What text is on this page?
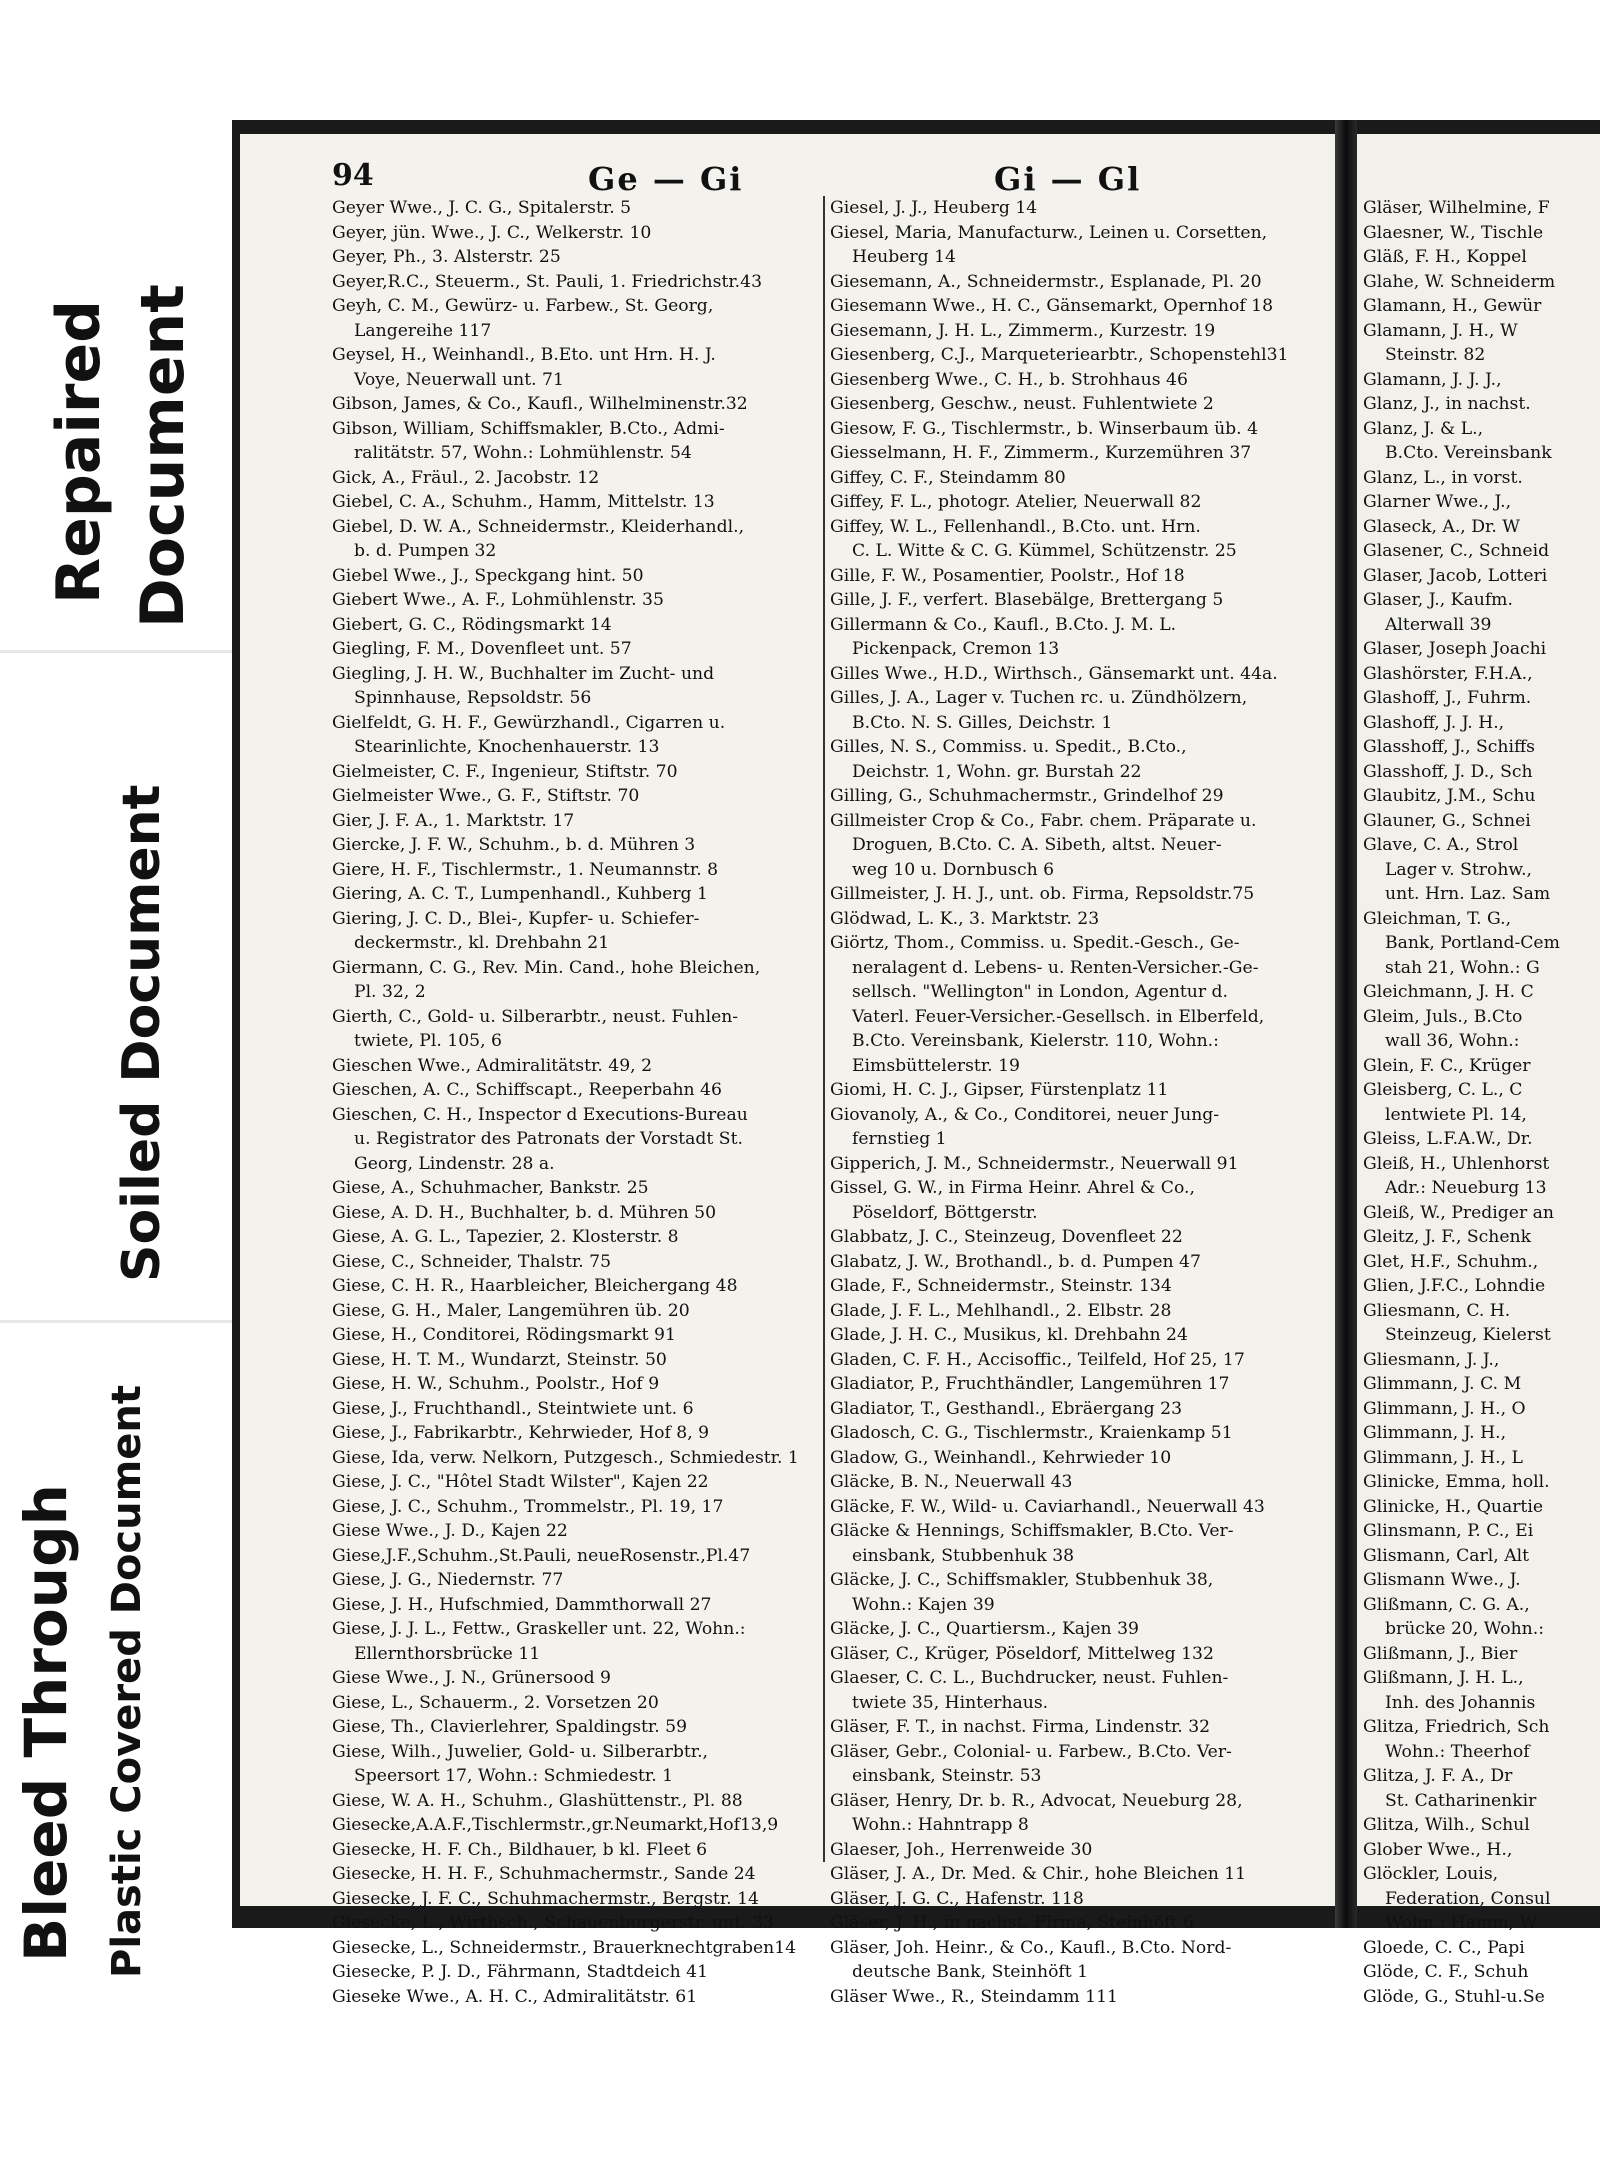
Repaired Document
Soiled Document
Bleed Through Plastic Covered Document
94	Ge — Gi	Gi — Gl
Geyer Wwe., J. C. G., Spitalerstr. 5
Geyer, jün. Wwe., J. C., Welkerstr. 10
Geyer, Ph., 3. Alsterstr. 25
Geyer,R.C., Steuerm., St. Pauli, 1. Friedrichstr.43
Geyh, C. M., Gewürz- u. Farbew., St. Georg,
Langereihe 117
Geysel, H., Weinhandl., B.Eto. unt Hrn. H. J.
Voye, Neuerwall unt. 71
Gibson, James, & Co., Kaufl., Wilhelminenstr.32
Gibson, William, Schiffsmakler, B.Cto., Admi-
ralitätstr. 57, Wohn.: Lohmühlenstr. 54
Gick, A., Fräul., 2. Jacobstr. 12
Giebel, C. A., Schuhm., Hamm, Mittelstr. 13
Giebel, D. W. A., Schneidermstr., Kleiderhandl.,
b. d. Pumpen 32
Giebel Wwe., J., Speckgang hint. 50
Giebert Wwe., A. F., Lohmühlenstr. 35
Giebert, G. C., Rödingsmarkt 14
Giegling, F. M., Dovenfleet unt. 57
Giegling, J. H. W., Buchhalter im Zucht- und
Spinnhause, Repsoldstr. 56
Gielfeldt, G. H. F., Gewürzhandl., Cigarren u.
Stearinlichte, Knochenhauerstr. 13
Gielmeister, C. F., Ingenieur, Stiftstr. 70
Gielmeister Wwe., G. F., Stiftstr. 70
Gier, J. F. A., 1. Marktstr. 17
Giercke, J. F. W., Schuhm., b. d. Mühren 3
Giere, H. F., Tischlermstr., 1. Neumannstr. 8
Giering, A. C. T., Lumpenhandl., Kuhberg 1
Giering, J. C. D., Blei-, Kupfer- u. Schiefer-
deckermstr., kl. Drehbahn 21
Giermann, C. G., Rev. Min. Cand., hohe Bleichen,
Pl. 32, 2
Gierth, C., Gold- u. Silberarbtr., neust. Fuhlen-
twiete, Pl. 105, 6
Gieschen Wwe., Admiralitätstr. 49, 2
Gieschen, A. C., Schiffscapt., Reeperbahn 46
Gieschen, C. H., Inspector d Executions-Bureau
u. Registrator des Patronats der Vorstadt St.
Georg, Lindenstr. 28 a.
Giese, A., Schuhmacher, Bankstr. 25
Giese, A. D. H., Buchhalter, b. d. Mühren 50
Giese, A. G. L., Tapezier, 2. Klosterstr. 8
Giese, C., Schneider, Thalstr. 75
Giese, C. H. R., Haarbleicher, Bleichergang 48
Giese, G. H., Maler, Langemühren üb. 20
Giese, H., Conditorei, Rödingsmarkt 91
Giese, H. T. M., Wundarzt, Steinstr. 50
Giese, H. W., Schuhm., Poolstr., Hof 9
Giese, J., Fruchthandl., Steintwiete unt. 6
Giese, J., Fabrikarbtr., Kehrwieder, Hof 8, 9
Giese, Ida, verw. Nelkorn, Putzgesch., Schmiedestr. 1
Giese, J. C., "Hôtel Stadt Wilster", Kajen 22
Giese, J. C., Schuhm., Trommelstr., Pl. 19, 17
Giese Wwe., J. D., Kajen 22
Giese,J.F.,Schuhm.,St.Pauli, neueRosenstr.,Pl.47
Giese, J. G., Niedernstr. 77
Giese, J. H., Hufschmied, Dammthorwall 27
Giese, J. J. L., Fettw., Graskeller unt. 22, Wohn.:
Ellernthorsbrücke 11
Giese Wwe., J. N., Grünersood 9
Giese, L., Schauerm., 2. Vorsetzen 20
Giese, Th., Clavierlehrer, Spaldingstr. 59
Giese, Wilh., Juwelier, Gold- u. Silberarbtr.,
Speersort 17, Wohn.: Schmiedestr. 1
Giese, W. A. H., Schuhm., Glashüttenstr., Pl. 88
Giesecke,A.A.F.,Tischlermstr.,gr.Neumarkt,Hof13,9
Giesecke, H. F. Ch., Bildhauer, b kl. Fleet 6
Giesecke, H. H. F., Schuhmachermstr., Sande 24
Giesecke, J. F. C., Schuhmachermstr., Bergstr. 14
Giesecke, L., Wirthsch., Schauenburgerstr. unt. 33
Giesecke, L., Schneidermstr., Brauerknechtgraben14
Giesecke, P. J. D., Fährmann, Stadtdeich 41
Gieseke Wwe., A. H. C., Admiralitätstr. 61
Giesel, J. J., Heuberg 14
Giesel, Maria, Manufacturw., Leinen u. Corsetten,
Heuberg 14
Giesemann, A., Schneidermstr., Esplanade, Pl. 20
Giesemann Wwe., H. C., Gänsemarkt, Opernhof 18
Giesemann, J. H. L., Zimmerm., Kurzestr. 19
Giesenberg, C.J., Marqueteriearbtr., Schopenstehl31
Giesenberg Wwe., C. H., b. Strohhaus 46
Giesenberg, Geschw., neust. Fuhlentwiete 2
Giesow, F. G., Tischlermstr., b. Winserbaum üb. 4
Giesselmann, H. F., Zimmerm., Kurzemühren 37
Giffey, C. F., Steindamm 80
Giffey, F. L., photogr. Atelier, Neuerwall 82
Giffey, W. L., Fellenhandl., B.Cto. unt. Hrn.
C. L. Witte & C. G. Kümmel, Schützenstr. 25
Gille, F. W., Posamentier, Poolstr., Hof 18
Gille, J. F., verfert. Blasebälge, Brettergang 5
Gillermann & Co., Kaufl., B.Cto. J. M. L.
Pickenpack, Cremon 13
Gilles Wwe., H.D., Wirthsch., Gänsemarkt unt. 44a.
Gilles, J. A., Lager v. Tuchen rc. u. Zündhölzern,
B.Cto. N. S. Gilles, Deichstr. 1
Gilles, N. S., Commiss. u. Spedit., B.Cto.,
Deichstr. 1, Wohn. gr. Burstah 22
Gilling, G., Schuhmachermstr., Grindelhof 29
Gillmeister Crop & Co., Fabr. chem. Präparate u.
Droguen, B.Cto. C. A. Sibeth, altst. Neuer-
weg 10 u. Dornbusch 6
Gillmeister, J. H. J., unt. ob. Firma, Repsoldstr.75
Glödwad, L. K., 3. Marktstr. 23
Giörtz, Thom., Commiss. u. Spedit.-Gesch., Ge-
neralagent d. Lebens- u. Renten-Versicher.-Ge-
sellsch. "Wellington" in London, Agentur d.
Vaterl. Feuer-Versicher.-Gesellsch. in Elberfeld,
B.Cto. Vereinsbank, Kielerstr. 110, Wohn.:
Eimsbüttelerstr. 19
Giomi, H. C. J., Gipser, Fürstenplatz 11
Giovanoly, A., & Co., Conditorei, neuer Jung-
fernstieg 1
Gipperich, J. M., Schneidermstr., Neuerwall 91
Gissel, G. W., in Firma Heinr. Ahrel & Co.,
Pöseldorf, Böttgerstr.
Glabbatz, J. C., Steinzeug, Dovenfleet 22
Glabatz, J. W., Brothandl., b. d. Pumpen 47
Glade, F., Schneidermstr., Steinstr. 134
Glade, J. F. L., Mehlhandl., 2. Elbstr. 28
Glade, J. H. C., Musikus, kl. Drehbahn 24
Gladen, C. F. H., Accisoffic., Teilfeld, Hof 25, 17
Gladiator, P., Fruchthändler, Langemühren 17
Gladiator, T., Gesthandl., Ebräergang 23
Gladosch, C. G., Tischlermstr., Kraienkamp 51
Gladow, G., Weinhandl., Kehrwieder 10
Gläcke, B. N., Neuerwall 43
Gläcke, F. W., Wild- u. Caviarhandl., Neuerwall 43
Gläcke & Hennings, Schiffsmakler, B.Cto. Ver-
einsbank, Stubbenhuk 38
Gläcke, J. C., Schiffsmakler, Stubbenhuk 38,
Wohn.: Kajen 39
Gläcke, J. C., Quartiersm., Kajen 39
Gläser, C., Krüger, Pöseldorf, Mittelweg 132
Glaeser, C. C. L., Buchdrucker, neust. Fuhlen-
twiete 35, Hinterhaus.
Gläser, F. T., in nachst. Firma, Lindenstr. 32
Gläser, Gebr., Colonial- u. Farbew., B.Cto. Ver-
einsbank, Steinstr. 53
Gläser, Henry, Dr. b. R., Advocat, Neueburg 28,
Wohn.: Hahntrapp 8
Glaeser, Joh., Herrenweide 30
Gläser, J. A., Dr. Med. & Chir., hohe Bleichen 11
Gläser, J. G. C., Hafenstr. 118
Gläser, J. H., in nachst. Firma, Steinhöft 6
Gläser, Joh. Heinr., & Co., Kaufl., B.Cto. Nord-
deutsche Bank, Steinhöft 1
Gläser Wwe., R., Steindamm 111
Gläser, Wilhelmine, F
Glaesner, W., Tischle
Gläß, F. H., Koppel
Glahe, W. Schneiderm
Glamann, H., Gewür
Glamann, J. H., W
Steinstr. 82
Glamann, J. J. J.,
Glanz, J., in nachst.
Glanz, J. & L.,
B.Cto. Vereinsbank
Glanz, L., in vorst.
Glarner Wwe., J.,
Glaseck, A., Dr. W
Glasener, C., Schneid
Glaser, Jacob, Lotteri
Glaser, J., Kaufm.
Alterwall 39
Glaser, Joseph Joachi
Glashörster, F.H.A.,
Glashoff, J., Fuhrm.
Glashoff, J. J. H.,
Glasshoff, J., Schiffs
Glasshoff, J. D., Sch
Glaubitz, J.M., Schu
Glauner, G., Schnei
Glave, C. A., Strol
Lager v. Strohw.,
unt. Hrn. Laz. Sam
Gleichman, T. G.,
Bank, Portland-Cem
stah 21, Wohn.: G
Gleichmann, J. H. C
Gleim, Juls., B.Cto
wall 36, Wohn.:
Glein, F. C., Krüger
Gleisberg, C. L., C
lentwiete Pl. 14,
Gleiss, L.F.A.W., Dr.
Gleiß, H., Uhlenhorst
Adr.: Neueburg 13
Gleiß, W., Prediger an
Gleitz, J. F., Schenk
Glet, H.F., Schuhm.,
Glien, J.F.C., Lohndie
Gliesmann, C. H.
Steinzeug, Kielerst
Gliesmann, J. J.,
Glimmann, J. C. M
Glimmann, J. H., O
Glimmann, J. H.,
Glimmann, J. H., L
Glinicke, Emma, holl.
Glinicke, H., Quartie
Glinsmann, P. C., Ei
Glismann, Carl, Alt
Glismann Wwe., J.
Glißmann, C. G. A.,
brücke 20, Wohn.:
Glißmann, J., Bier
Glißmann, J. H. L.,
Inh. des Johannis
Glitza, Friedrich, Sch
Wohn.: Theerhof
Glitza, J. F. A., Dr
St. Catharinenkir
Glitza, Wilh., Schul
Glober Wwe., H.,
Glöckler, Louis,
Federation, Consul
Wohn.: Hamm, W
Gloede, C. C., Papi
Glöde, C. F., Schuh
Glöde, G., Stuhl-u.Se
